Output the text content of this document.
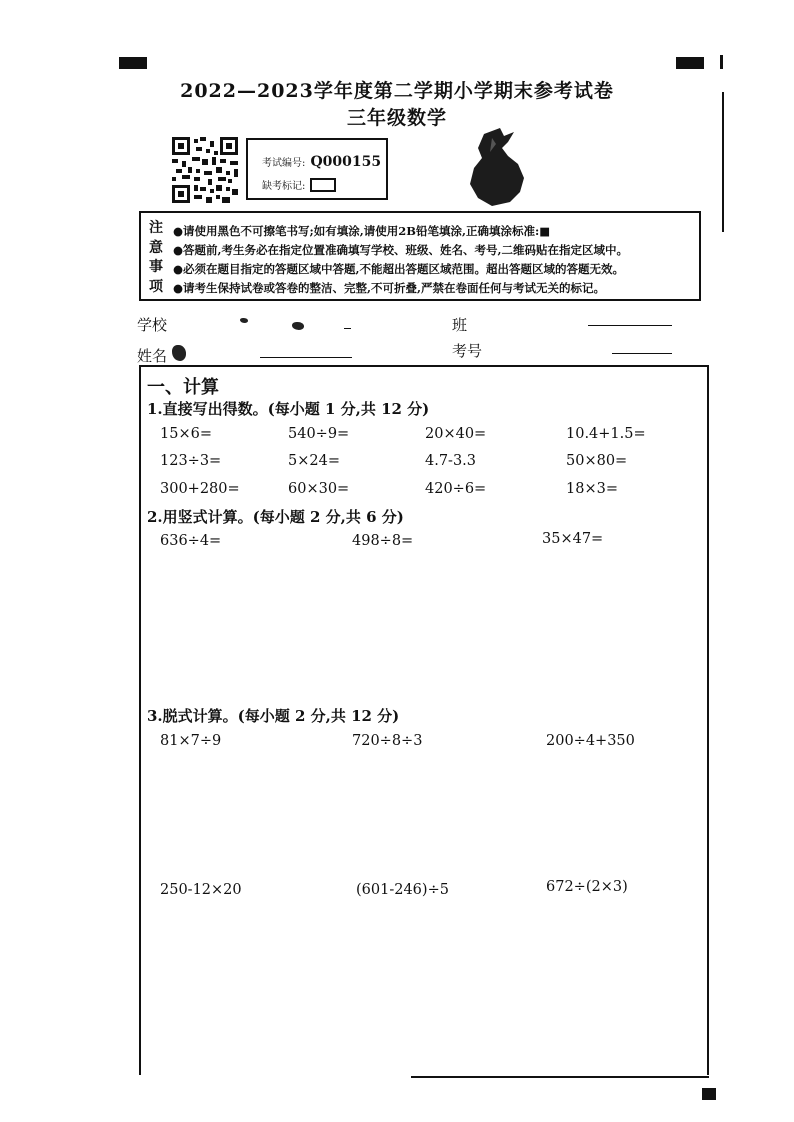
2022—2023学年度第二学期小学期末参考试卷
三年级数学
考试编号: Q000155
缺考标记:
注
意
事
项
●请使用黑色不可擦笔书写;如有填涂,请使用2B铅笔填涂,正确填涂标准:■
●答题前,考生务必在指定位置准确填写学校、班级、姓名、考号,二维码贴在指定区域中。
●必须在题目指定的答题区域中答题,不能超出答题区域范围。超出答题区域的答题无效。
●请考生保持试卷或答卷的整洁、完整,不可折叠,严禁在卷面任何与考试无关的标记。
学校	班
姓名	考号
一、计算
1.直接写出得数。(每小题 1 分,共 12 分)
15×6=	540÷9=	20×40=	10.4+1.5=
123÷3=	5×24=	4.7-3.3	50×80=
300+280=	60×30=	420÷6=	18×3=
2.用竖式计算。(每小题 2 分,共 6 分)
636÷4=	498÷8=	35×47=
3.脱式计算。(每小题 2 分,共 12 分)
81×7÷9	720÷8÷3	200÷4+350
250-12×20	(601-246)÷5	672÷(2×3)
